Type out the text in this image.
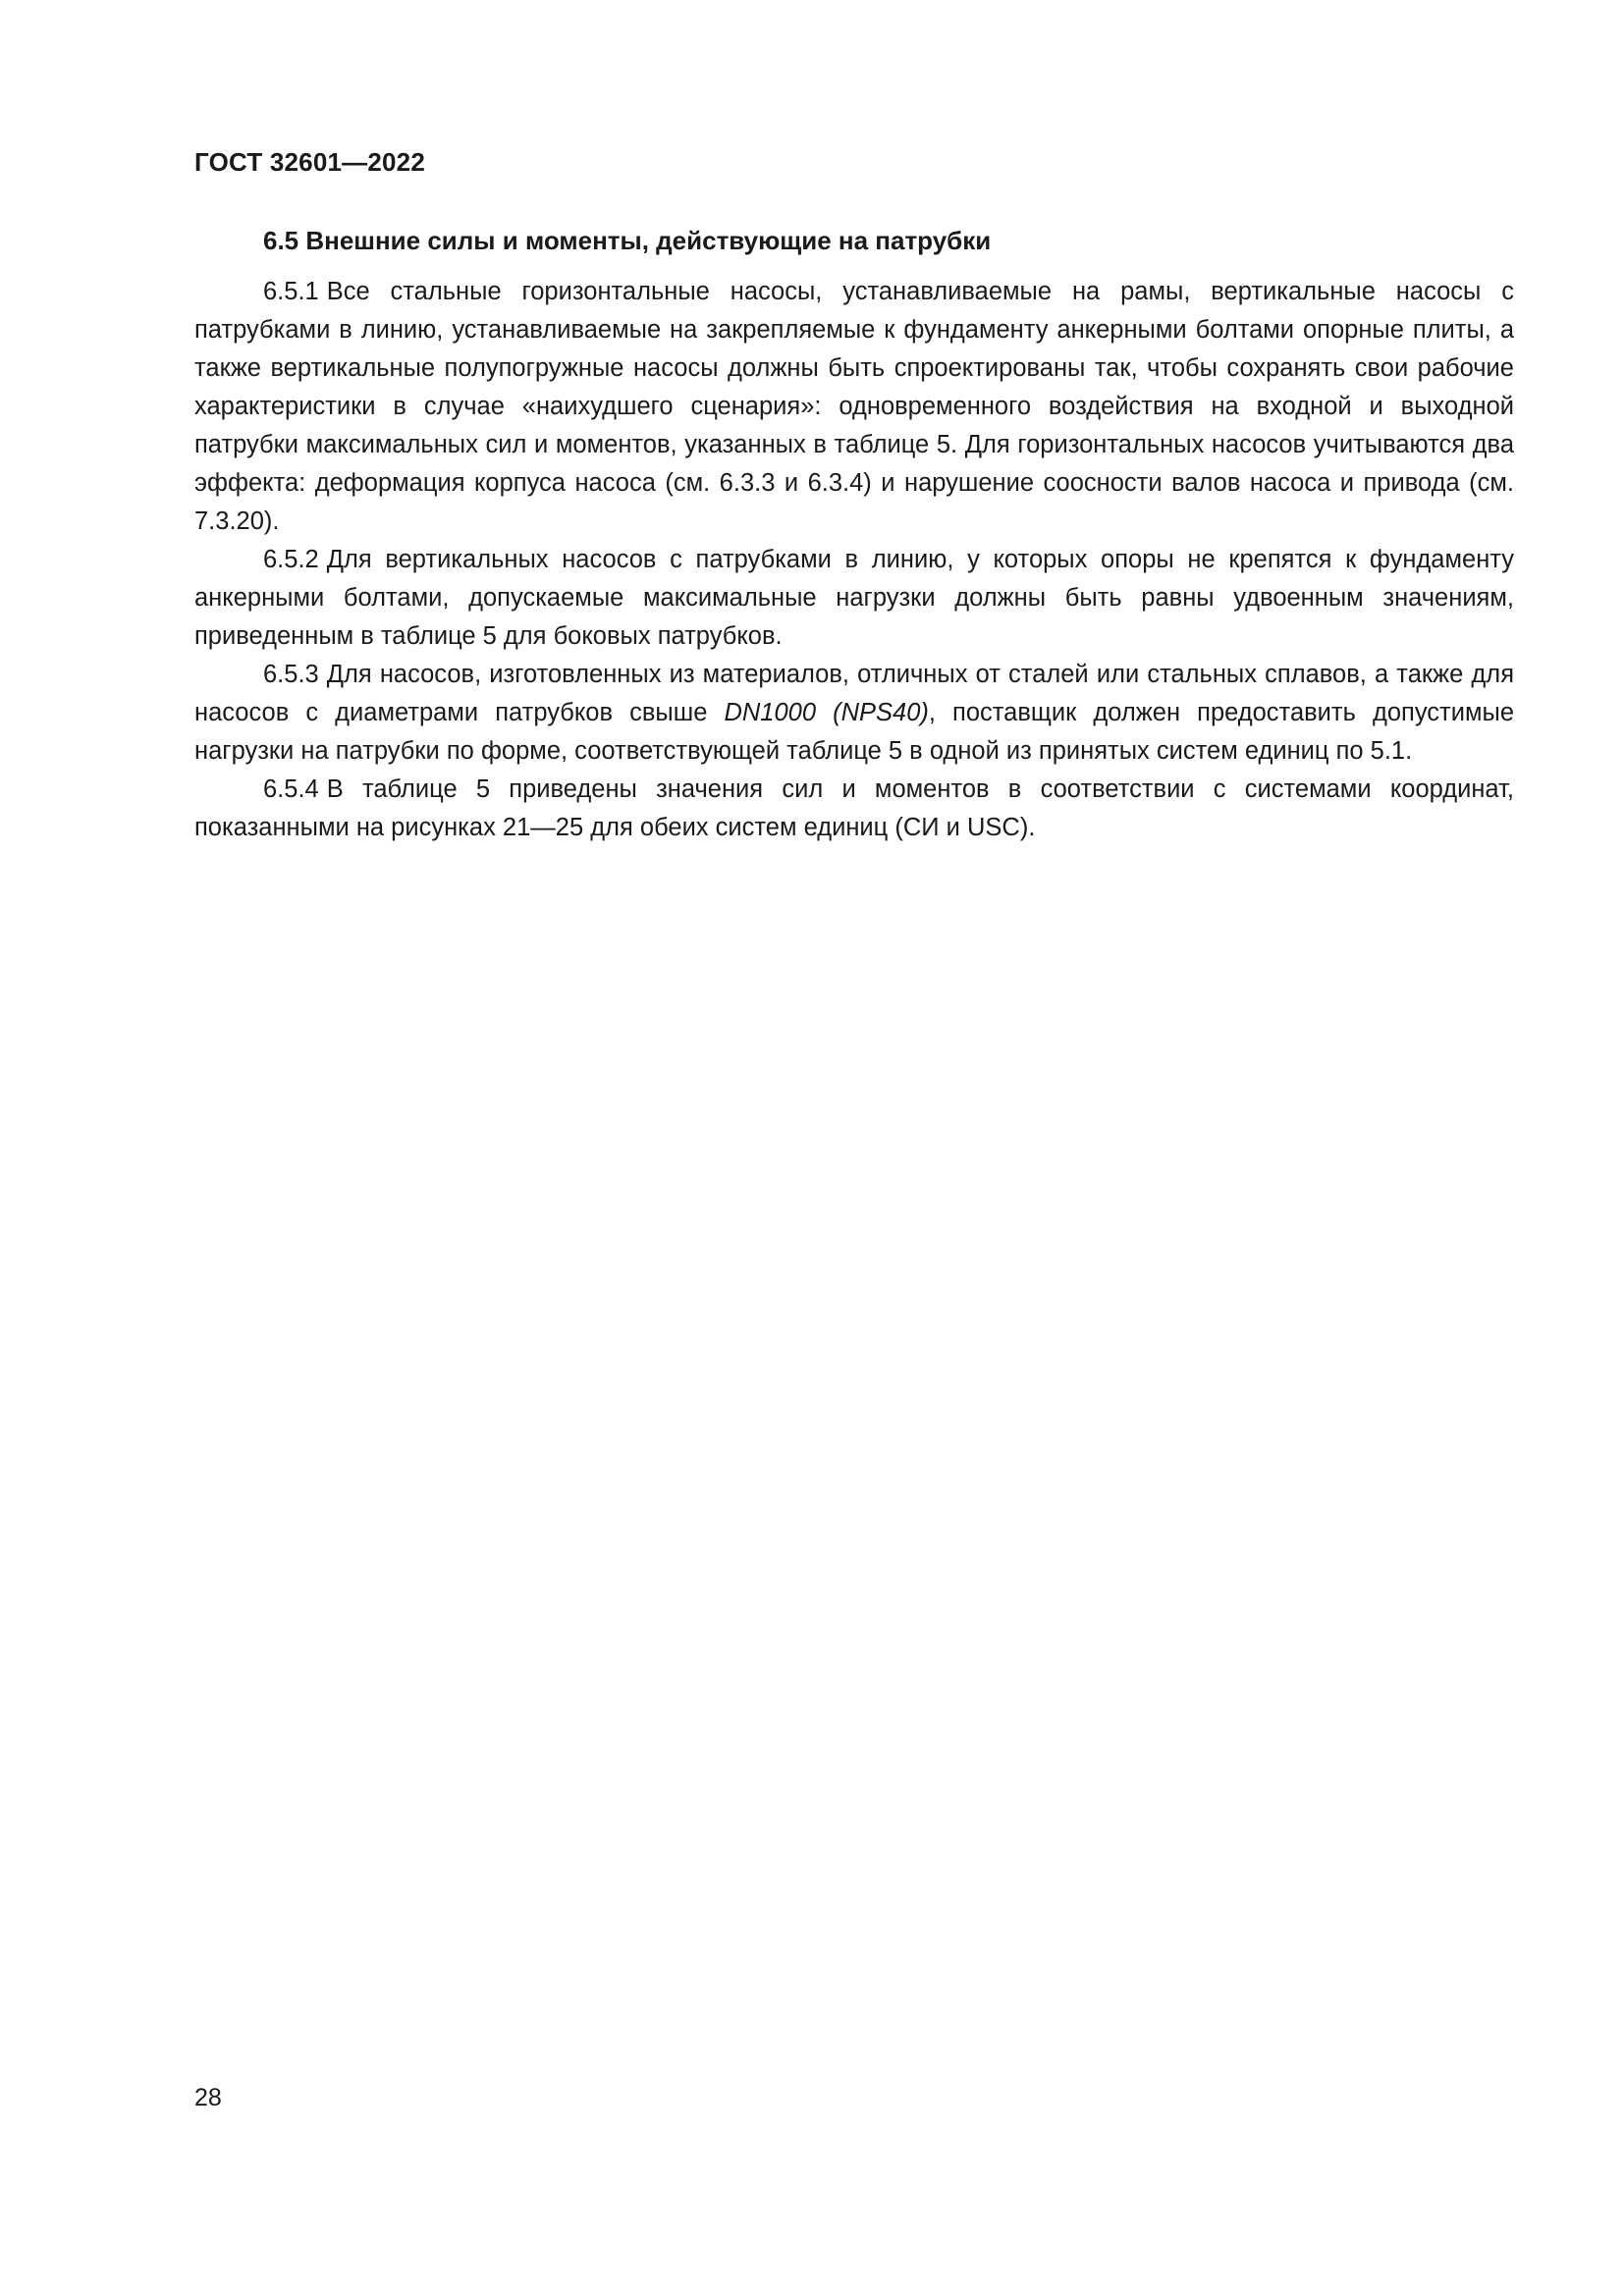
ГОСТ 32601—2022
6.5 Внешние силы и моменты, действующие на патрубки

6.5.1 Все стальные горизонтальные насосы, устанавливаемые на рамы, вертикальные насосы с патрубками в линию, устанавливаемые на закрепляемые к фундаменту анкерными болтами опорные плиты, а также вертикальные полупогружные насосы должны быть спроектированы так, чтобы сохранять свои рабочие характеристики в случае «наихудшего сценария»: одновременного воздействия на входной и выходной патрубки максимальных сил и моментов, указанных в таблице 5. Для горизонтальных насосов учитываются два эффекта: деформация корпуса насоса (см. 6.3.3 и 6.3.4) и нарушение соосности валов насоса и привода (см. 7.3.20).

6.5.2 Для вертикальных насосов с патрубками в линию, у которых опоры не крепятся к фундаменту анкерными болтами, допускаемые максимальные нагрузки должны быть равны удвоенным значениям, приведенным в таблице 5 для боковых патрубков.

6.5.3 Для насосов, изготовленных из материалов, отличных от сталей или стальных сплавов, а также для насосов с диаметрами патрубков свыше DN1000 (NPS40), поставщик должен предоставить допустимые нагрузки на патрубки по форме, соответствующей таблице 5 в одной из принятых систем единиц по 5.1.

6.5.4 В таблице 5 приведены значения сил и моментов в соответствии с системами координат, показанными на рисунках 21—25 для обеих систем единиц (СИ и USC).

28
